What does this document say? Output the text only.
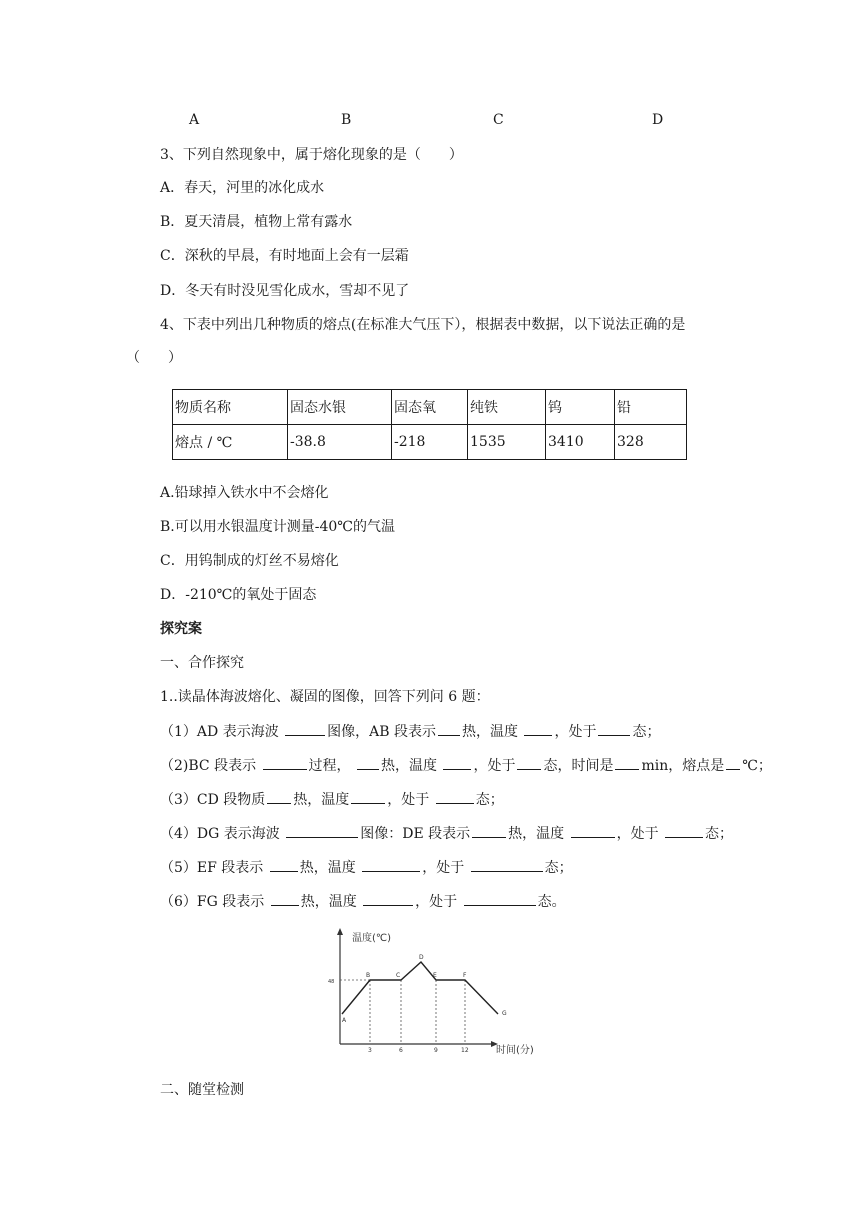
A	B	C	D
3、下列自然现象中，属于熔化现象的是（　　）
A．春天，河里的冰化成水
B．夏天清晨，植物上常有露水
C．深秋的早晨，有时地面上会有一层霜
D．冬天有时没见雪化成水，雪却不见了
4、下表中列出几种物质的熔点(在标准大气压下），根据表中数据，以下说法正确的是
（　　）
物质名称	固态水银	固态氧	纯铁	钨	铅
熔点 / ℃	-38.8	-218	1535	3410	328
A.铅球掉入铁水中不会熔化
B.可以用水银温度计测量-40℃的气温
C．用钨制成的灯丝不易熔化
D．-210℃的氧处于固态
探究案
一、合作探究
1..读晶体海波熔化、凝固的图像，回答下列问 6 题：
（1）AD 表示海波	图像，AB 段表示 热，温度	，处于	态；
（2)BC 段表示	过程， 热，温度	，处于 态，时间是 min，熔点是 ℃；
（3）CD 段物质 热，温度	，处于	态；
（4）DG 表示海波	图像：DE 段表示	热，温度	，处于	态；
（5）EF 段表示	热，温度	，处于	态；
（6）FG 段表示	热，温度	，处于	态。
温度(℃)
时间(分)
48
3	6	9	12
A
B	C
D
E	F
G
二、随堂检测
